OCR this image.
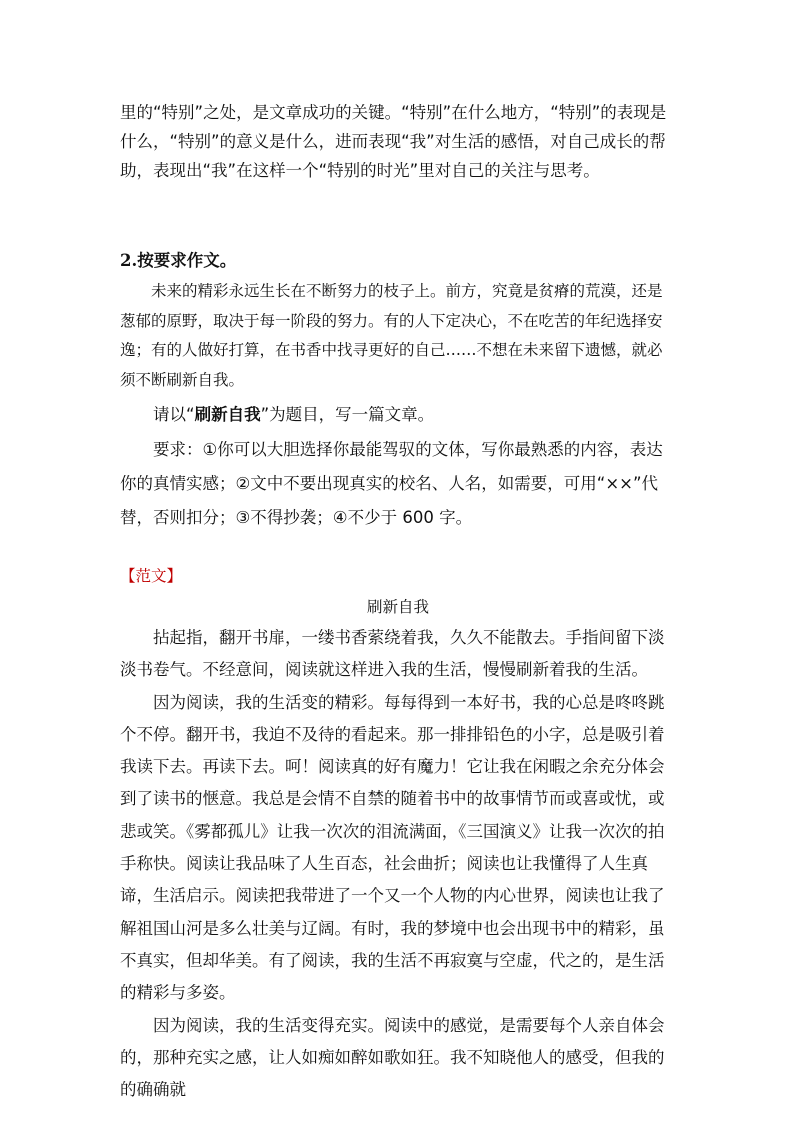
里的“特别”之处，是文章成功的关键。“特别”在什么地方，“特别”的表现是什么，“特别”的意义是什么，进而表现“我”对生活的感悟，对自己成长的帮助，表现出“我”在这样一个“特别的时光”里对自己的关注与思考。

2.按要求作文。

未来的精彩永远生长在不断努力的枝子上。前方，究竟是贫瘠的荒漠，还是葱郁的原野，取决于每一阶段的努力。有的人下定决心，不在吃苦的年纪选择安逸；有的人做好打算，在书香中找寻更好的自己……不想在未来留下遗憾，就必须不断刷新自我。

请以“刷新自我”为题目，写一篇文章。

要求：①你可以大胆选择你最能驾驭的文体，写你最熟悉的内容，表达你的真情实感；②文中不要出现真实的校名、人名，如需要，可用“××”代替，否则扣分；③不得抄袭；④不少于 600 字。

【范文】

刷新自我

拈起指，翻开书扉，一缕书香萦绕着我，久久不能散去。手指间留下淡淡书卷气。不经意间，阅读就这样进入我的生活，慢慢刷新着我的生活。
因为阅读，我的生活变的精彩。每每得到一本好书，我的心总是咚咚跳个不停。翻开书，我迫不及待的看起来。那一排排铅色的小字，总是吸引着我读下去。再读下去。呵！阅读真的好有魔力！它让我在闲暇之余充分体会到了读书的惬意。我总是会情不自禁的随着书中的故事情节而或喜或忧，或悲或笑。《雾都孤儿》让我一次次的泪流满面，《三国演义》让我一次次的拍手称快。阅读让我品味了人生百态，社会曲折；阅读也让我懂得了人生真谛，生活启示。阅读把我带进了一个又一个人物的内心世界，阅读也让我了解祖国山河是多么壮美与辽阔。有时，我的梦境中也会出现书中的精彩，虽不真实，但却华美。有了阅读，我的生活不再寂寞与空虚，代之的，是生活的精彩与多姿。
因为阅读，我的生活变得充实。阅读中的感觉，是需要每个人亲自体会的，那种充实之感，让人如痴如醉如歌如狂。我不知晓他人的感受，但我的的确确就
